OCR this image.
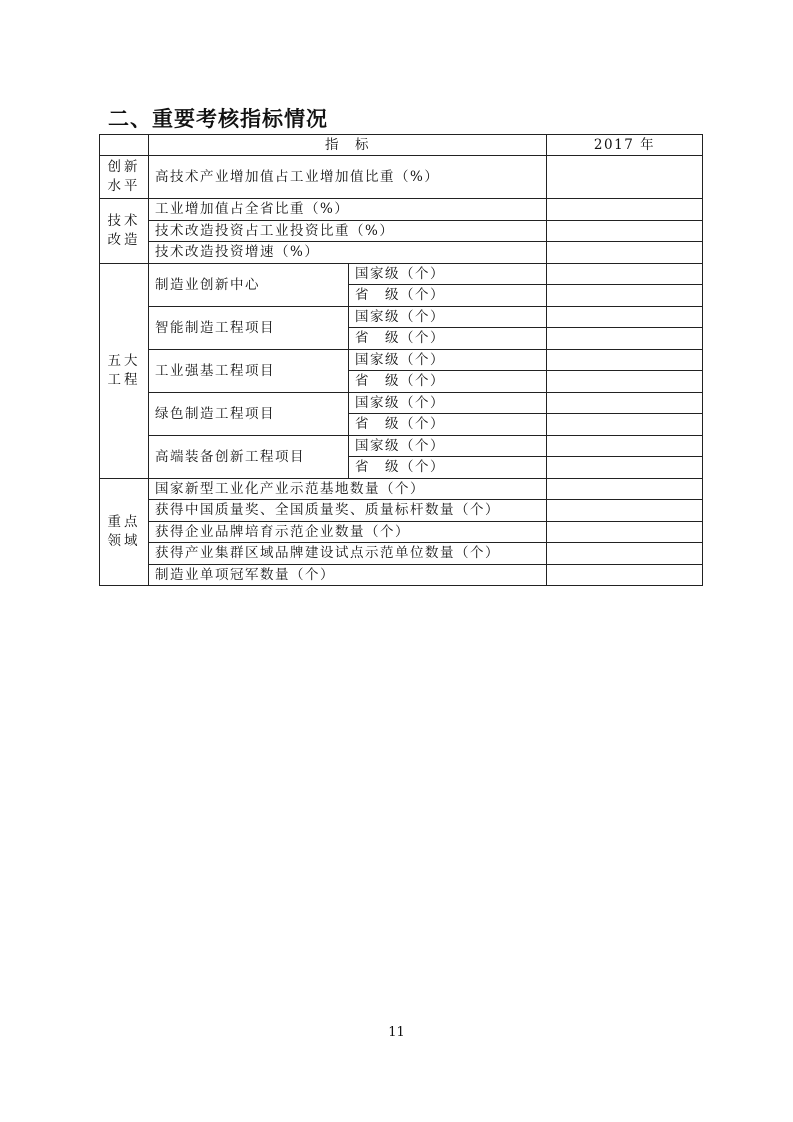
二、重要考核指标情况
	指　标		2017 年
创新水平	高技术产业增加值占工业增加值比重（%）		
技术改造	工业增加值占全省比重（%）		
	技术改造投资占工业投资比重（%）		
	技术改造投资增速（%）		
五大工程	制造业创新中心	国家级（个）	
		省　级（个）	
	智能制造工程项目	国家级（个）	
		省　级（个）	
	工业强基工程项目	国家级（个）	
		省　级（个）	
	绿色制造工程项目	国家级（个）	
		省　级（个）	
	高端装备创新工程项目	国家级（个）	
		省　级（个）	
重点领域	国家新型工业化产业示范基地数量（个）		
	获得中国质量奖、全国质量奖、质量标杆数量（个）		
	获得企业品牌培育示范企业数量（个）		
	获得产业集群区域品牌建设试点示范单位数量（个）		
	制造业单项冠军数量（个）		
11
